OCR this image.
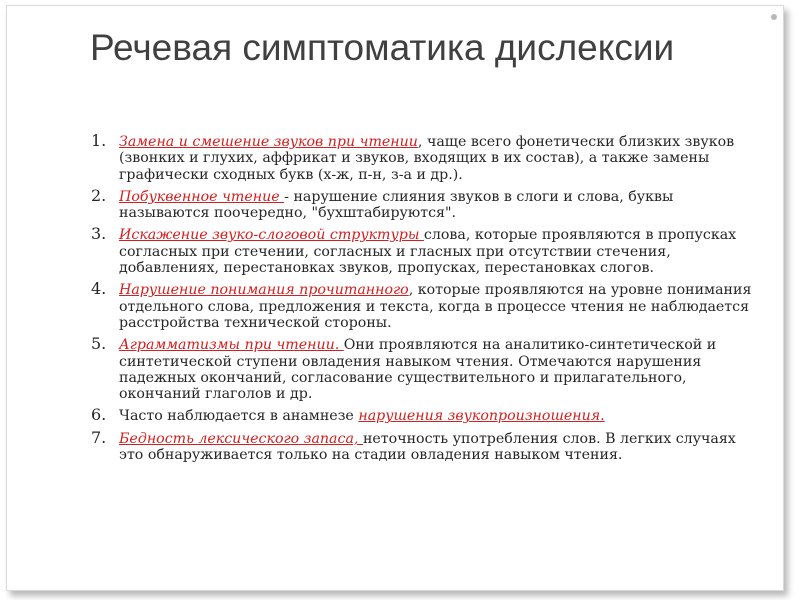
Речевая симптоматика дислексии
1. Замена и смешение звуков при чтении, чаще всего фонетически близких звуков (звонких и глухих, аффрикат и звуков, входящих в их состав), а также замены графически сходных букв (х-ж, п-н, з-а и др.).
2. Побуквенное чтение - нарушение слияния звуков в слоги и слова, буквы называются поочередно, "бухштабируются".
3. Искажение звуко-слоговой структуры слова, которые проявляются в пропусках согласных при стечении, согласных и гласных при отсутствии стечения, добавлениях, перестановках звуков, пропусках, перестановках слогов.
4. Нарушение понимания прочитанного, которые проявляются на уровне понимания отдельного слова, предложения и текста, когда в процессе чтения не наблюдается расстройства технической стороны.
5. Аграмматизмы при чтении. Они проявляются на аналитико-синтетической и синтетической ступени овладения навыком чтения. Отмечаются нарушения падежных окончаний, согласование существительного и прилагательного, окончаний глаголов и др.
6. Часто наблюдается в анамнезе нарушения звукопроизношения.
7. Бедность лексического запаса, неточность употребления слов. В легких случаях это обнаруживается только на стадии овладения навыком чтения.
